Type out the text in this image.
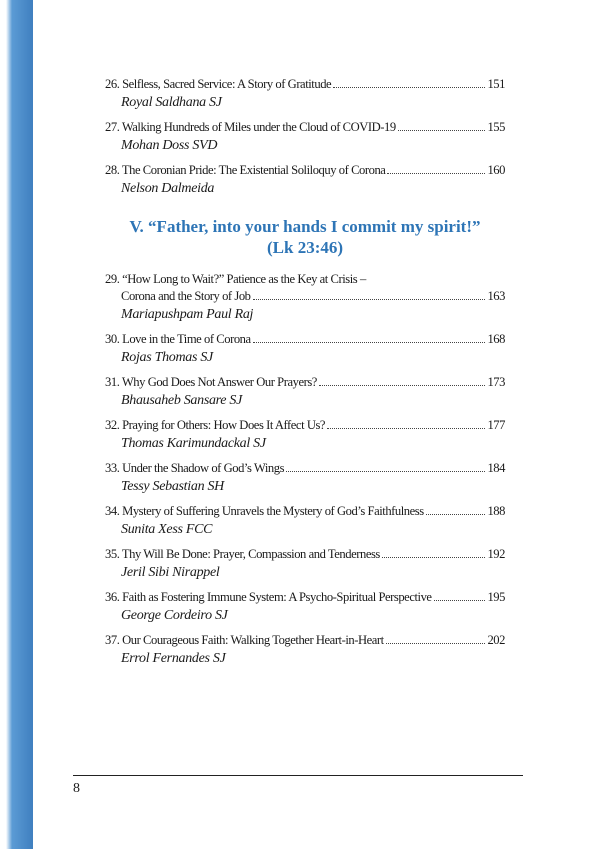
26. Selfless, Sacred Service: A Story of Gratitude	151
Royal Saldhana SJ
27. Walking Hundreds of Miles under the Cloud of COVID-19	155
Mohan Doss SVD
28. The Coronian Pride: The Existential Soliloquy of Corona	160
Nelson Dalmeida
V. “Father, into your hands I commit my spirit!”
(Lk 23:46)
29. “How Long to Wait?” Patience as the Key at Crisis –
Corona and the Story of Job	163
Mariapushpam Paul Raj
30. Love in the Time of Corona	168
Rojas Thomas SJ
31. Why God Does Not Answer Our Prayers?	173
Bhausaheb Sansare SJ
32. Praying for Others: How Does It Affect Us?	177
Thomas Karimundackal SJ
33. Under the Shadow of God’s Wings	184
Tessy Sebastian SH
34. Mystery of Suffering Unravels the Mystery of God’s Faithfulness	188
Sunita Xess FCC
35. Thy Will Be Done: Prayer, Compassion and Tenderness	192
Jeril Sibi Nirappel
36. Faith as Fostering Immune System: A Psycho-Spiritual Perspective	195
George Cordeiro SJ
37. Our Courageous Faith: Walking Together Heart-in-Heart	202
Errol Fernandes SJ
8
